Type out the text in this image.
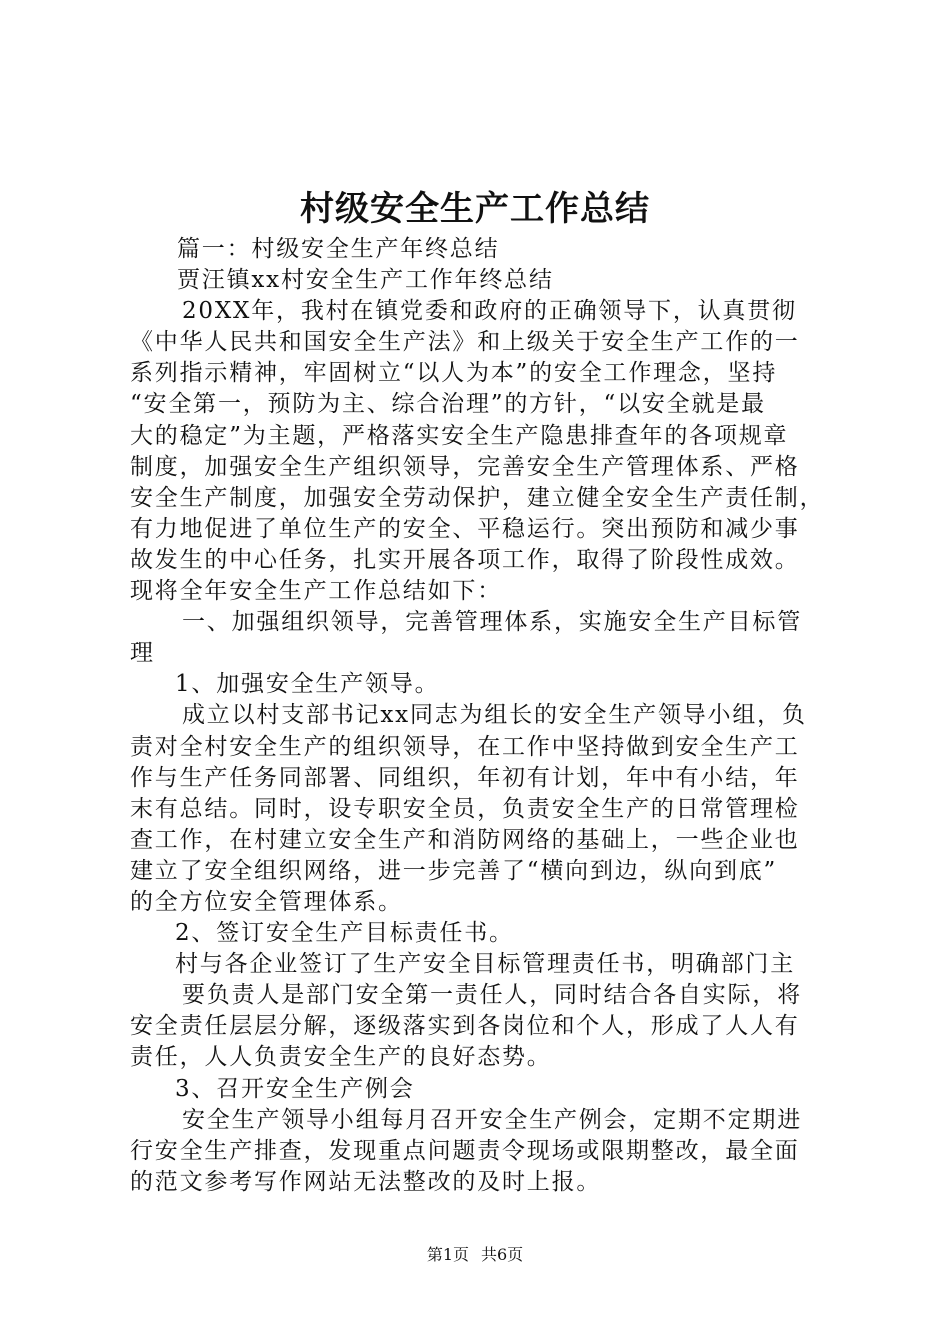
村级安全生产工作总结
篇一：村级安全生产年终总结
贾汪镇xx村安全生产工作年终总结
20XX年，我村在镇党委和政府的正确领导下，认真贯彻
《中华人民共和国安全生产法》和上级关于安全生产工作的一
系列指示精神，牢固树立“以人为本”的安全工作理念，坚持
“安全第一，预防为主、综合治理”的方针，“以安全就是最
大的稳定”为主题，严格落实安全生产隐患排查年的各项规章
制度，加强安全生产组织领导，完善安全生产管理体系、严格
安全生产制度，加强安全劳动保护，建立健全安全生产责任制，
有力地促进了单位生产的安全、平稳运行。突出预防和减少事
故发生的中心任务，扎实开展各项工作，取得了阶段性成效。
现将全年安全生产工作总结如下：
一、加强组织领导，完善管理体系，实施安全生产目标管
理
1、加强安全生产领导。
成立以村支部书记xx同志为组长的安全生产领导小组，负
责对全村安全生产的组织领导，在工作中坚持做到安全生产工
作与生产任务同部署、同组织，年初有计划，年中有小结，年
末有总结。同时，设专职安全员，负责安全生产的日常管理检
查工作，在村建立安全生产和消防网络的基础上，一些企业也
建立了安全组织网络，进一步完善了“横向到边，纵向到底”
的全方位安全管理体系。
2、签订安全生产目标责任书。
村与各企业签订了生产安全目标管理责任书，明确部门主
要负责人是部门安全第一责任人，同时结合各自实际，将
安全责任层层分解，逐级落实到各岗位和个人，形成了人人有
责任，人人负责安全生产的良好态势。
3、召开安全生产例会
安全生产领导小组每月召开安全生产例会，定期不定期进
行安全生产排查，发现重点问题责令现场或限期整改，最全面
的范文参考写作网站无法整改的及时上报。
第1页 共6页
